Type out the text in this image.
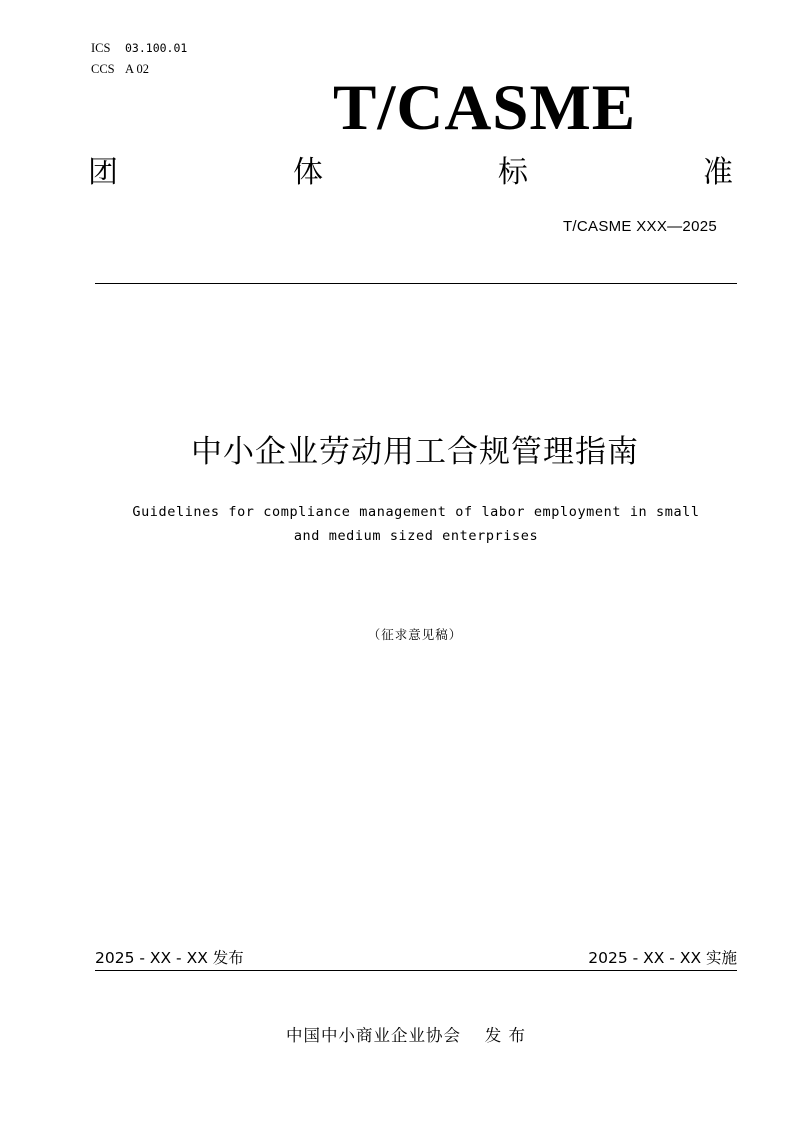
ICS 03.100.01
CCS A 02
T/CASME
团	体	标	准
T/CASME XXX—2025
中小企业劳动用工合规管理指南
Guidelines for compliance management of labor employment in small
and medium sized enterprises
（征求意见稿）
2025 - XX - XX 发布	2025 - XX - XX 实施
中国中小商业企业协会　 发 布
